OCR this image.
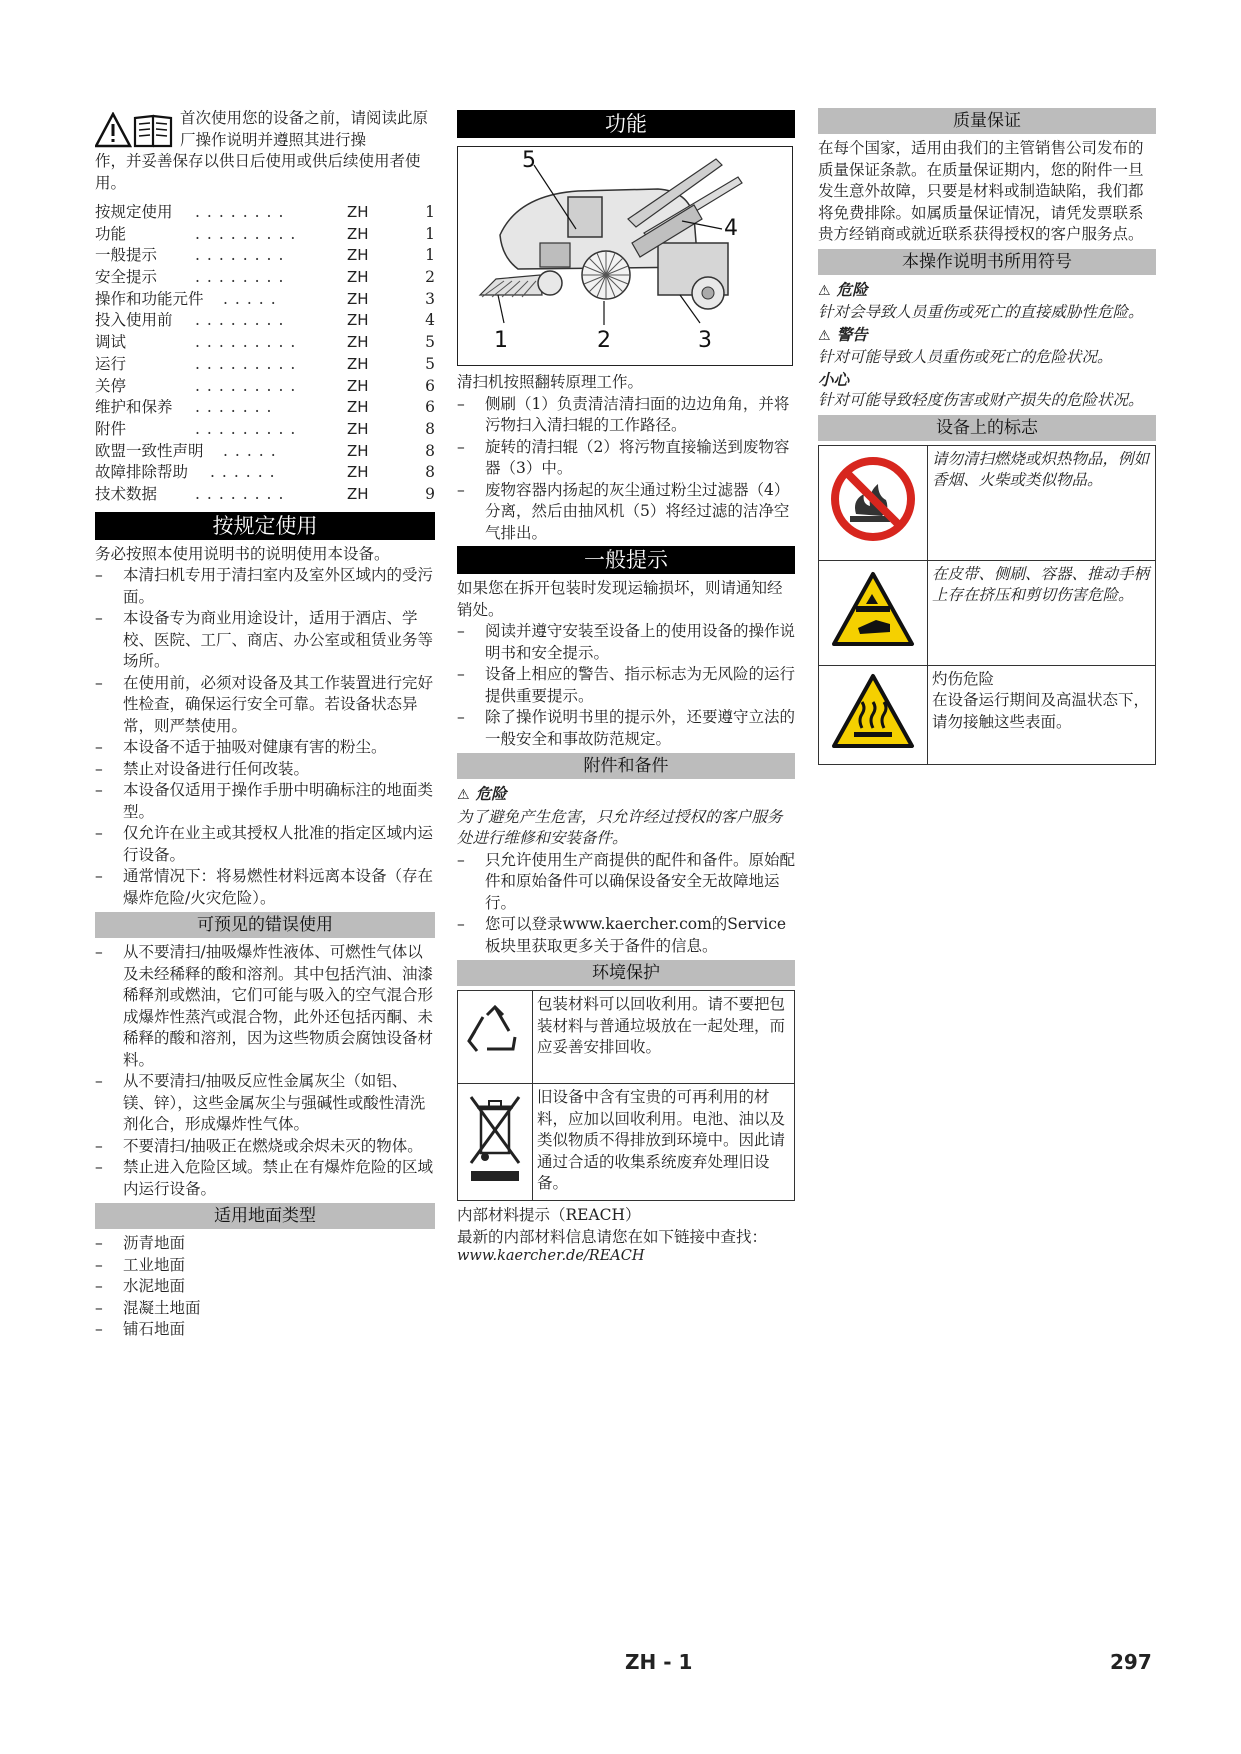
首次使用您的设备之前，请阅读此原厂操作说明并遵照其进行操

作，并妥善保存以供日后使用或供后续使用者使用。

按规定使用 ........	ZH	1
功能	.........	ZH	1
一般提示 ........	ZH	1
安全提示 ........	ZH	2
操作和功能元件 .....	ZH	3
投入使用前 ........	ZH	4
调试	.........	ZH	5
运行	.........	ZH	5
关停	.........	ZH	6
维护和保养 .......	ZH	6
附件	.........	ZH	8
欧盟一致性声明 .....	ZH	8
故障排除帮助 ......	ZH	8
技术数据 ........	ZH	9
按规定使用

务必按照本使用说明书的说明使用本设备。

– 本清扫机专用于清扫室内及室外区域内的受污面。
– 本设备专为商业用途设计，适用于酒店、学校、医院、工厂、商店、办公室或租赁业务等场所。
– 在使用前，必须对设备及其工作装置进行完好性检查，确保运行安全可靠。若设备状态异常，则严禁使用。
– 本设备不适于抽吸对健康有害的粉尘。
– 禁止对设备进行任何改装。
– 本设备仅适用于操作手册中明确标注的地面类型。
– 仅允许在业主或其授权人批准的指定区域内运行设备。
– 通常情况下：将易燃性材料远离本设备（存在爆炸危险/火灾危险）。
可预见的错误使用
– 从不要清扫/抽吸爆炸性液体、可燃性气体以及未经稀释的酸和溶剂。其中包括汽油、油漆稀释剂或燃油，它们可能与吸入的空气混合形成爆炸性蒸汽或混合物，此外还包括丙酮、未稀释的酸和溶剂，因为这些物质会腐蚀设备材料。
– 从不要清扫/抽吸反应性金属灰尘（如铝、镁、锌），这些金属灰尘与强碱性或酸性清洗剂化合，形成爆炸性气体。
– 不要清扫/抽吸正在燃烧或余烬未灭的物体。
– 禁止进入危险区域。禁止在有爆炸危险的区域内运行设备。
适用地面类型
– 沥青地面
– 工业地面
– 水泥地面
– 混凝土地面
– 铺石地面
功能
5
4
1	2	3

清扫机按照翻转原理工作。

– 侧刷（1）负责清洁清扫面的边边角角，并将污物扫入清扫辊的工作路径。
– 旋转的清扫辊（2）将污物直接输送到废物容器（3）中。
– 废物容器内扬起的灰尘通过粉尘过滤器（4）分离，然后由抽风机（5）将经过滤的洁净空气排出。
一般提示

如果您在拆开包装时发现运输损坏，则请通知经销处。

– 阅读并遵守安装至设备上的使用设备的操作说明书和安全提示。
– 设备上相应的警告、指示标志为无风险的运行提供重要提示。
– 除了操作说明书里的提示外，还要遵守立法的一般安全和事故防范规定。
附件和备件

⚠ 危险

为了避免产生危害，只允许经过授权的客户服务处进行维修和安装备件。

– 只允许使用生产商提供的配件和备件。原始配件和原始备件可以确保设备安全无故障地运行。
– 您可以登录www.kaercher.com的Service板块里获取更多关于备件的信息。
环境保护
	包装材料可以回收利用。请不要把包装材料与普通垃圾放在一起处理，而应妥善安排回收。
	旧设备中含有宝贵的可再利用的材料，应加以回收利用。电池、油以及类似物质不得排放到环境中。因此请通过合适的收集系统废弃处理旧设备。

内部材料提示（REACH）

最新的内部材料信息请您在如下链接中查找：

www.kaercher.de/REACH

质量保证

在每个国家，适用由我们的主管销售公司发布的质量保证条款。在质量保证期内，您的附件一旦发生意外故障，只要是材料或制造缺陷，我们都将免费排除。如属质量保证情况，请凭发票联系贵方经销商或就近联系获得授权的客户服务点。

本操作说明书所用符号

⚠ 危险

针对会导致人员重伤或死亡的直接威胁性危险。

⚠ 警告

针对可能导致人员重伤或死亡的危险状况。

小心

针对可能导致轻度伤害或财产损失的危险状况。

设备上的标志
	请勿清扫燃烧或炽热物品，例如香烟、火柴或类似物品。
	在皮带、侧刷、容器、推动手柄上存在挤压和剪切伤害危险。

灼伤危险
在设备运行期间及高温状态下，请勿接触这些表面。
ZH - 1	297
